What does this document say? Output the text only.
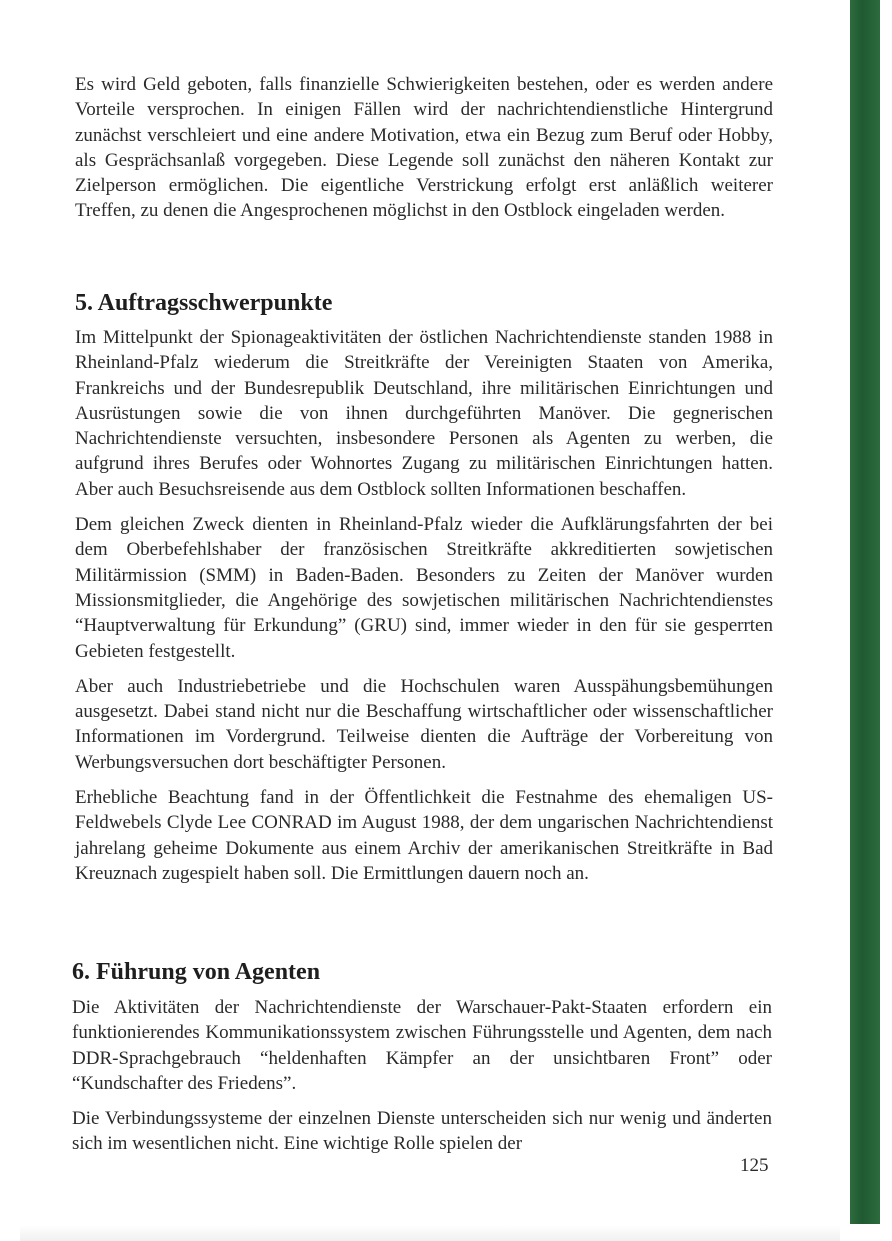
Es wird Geld geboten, falls finanzielle Schwierigkeiten bestehen, oder es werden andere Vorteile versprochen. In einigen Fällen wird der nachrichtendienstliche Hintergrund zunächst verschleiert und eine andere Motivation, etwa ein Bezug zum Beruf oder Hobby, als Gesprächsanlaß vorgegeben. Diese Legende soll zunächst den näheren Kontakt zur Zielperson ermöglichen. Die eigentliche Verstrickung erfolgt erst anläßlich weiterer Treffen, zu denen die Angesprochenen möglichst in den Ostblock eingeladen werden.

5. Auftragsschwerpunkte

Im Mittelpunkt der Spionageaktivitäten der östlichen Nachrichtendienste standen 1988 in Rheinland-Pfalz wiederum die Streitkräfte der Vereinigten Staaten von Amerika, Frankreichs und der Bundesrepublik Deutschland, ihre militärischen Einrichtungen und Ausrüstungen sowie die von ihnen durchgeführten Manöver. Die gegnerischen Nachrichtendienste versuchten, insbesondere Personen als Agenten zu werben, die aufgrund ihres Berufes oder Wohnortes Zugang zu militärischen Einrichtungen hatten. Aber auch Besuchsreisende aus dem Ostblock sollten Informationen beschaffen.

Dem gleichen Zweck dienten in Rheinland-Pfalz wieder die Aufklärungsfahrten der bei dem Oberbefehlshaber der französischen Streitkräfte akkreditierten sowjetischen Militärmission (SMM) in Baden-Baden. Besonders zu Zeiten der Manöver wurden Missionsmitglieder, die Angehörige des sowjetischen militärischen Nachrichtendienstes “Hauptverwaltung für Erkundung” (GRU) sind, immer wieder in den für sie gesperrten Gebieten festgestellt.

Aber auch Industriebetriebe und die Hochschulen waren Ausspähungsbemühungen ausgesetzt. Dabei stand nicht nur die Beschaffung wirtschaftlicher oder wissenschaftlicher Informationen im Vordergrund. Teilweise dienten die Aufträge der Vorbereitung von Werbungsversuchen dort beschäftigter Personen.

Erhebliche Beachtung fand in der Öffentlichkeit die Festnahme des ehemaligen US-Feldwebels Clyde Lee CONRAD im August 1988, der dem ungarischen Nachrichtendienst jahrelang geheime Dokumente aus einem Archiv der amerikanischen Streitkräfte in Bad Kreuznach zugespielt haben soll. Die Ermittlungen dauern noch an.

6. Führung von Agenten

Die Aktivitäten der Nachrichtendienste der Warschauer-Pakt-Staaten erfordern ein funktionierendes Kommunikationssystem zwischen Führungsstelle und Agenten, dem nach DDR-Sprachgebrauch “heldenhaften Kämpfer an der unsichtbaren Front” oder “Kundschafter des Friedens”.

Die Verbindungssysteme der einzelnen Dienste unterscheiden sich nur wenig und änderten sich im wesentlichen nicht. Eine wichtige Rolle spielen der

125
